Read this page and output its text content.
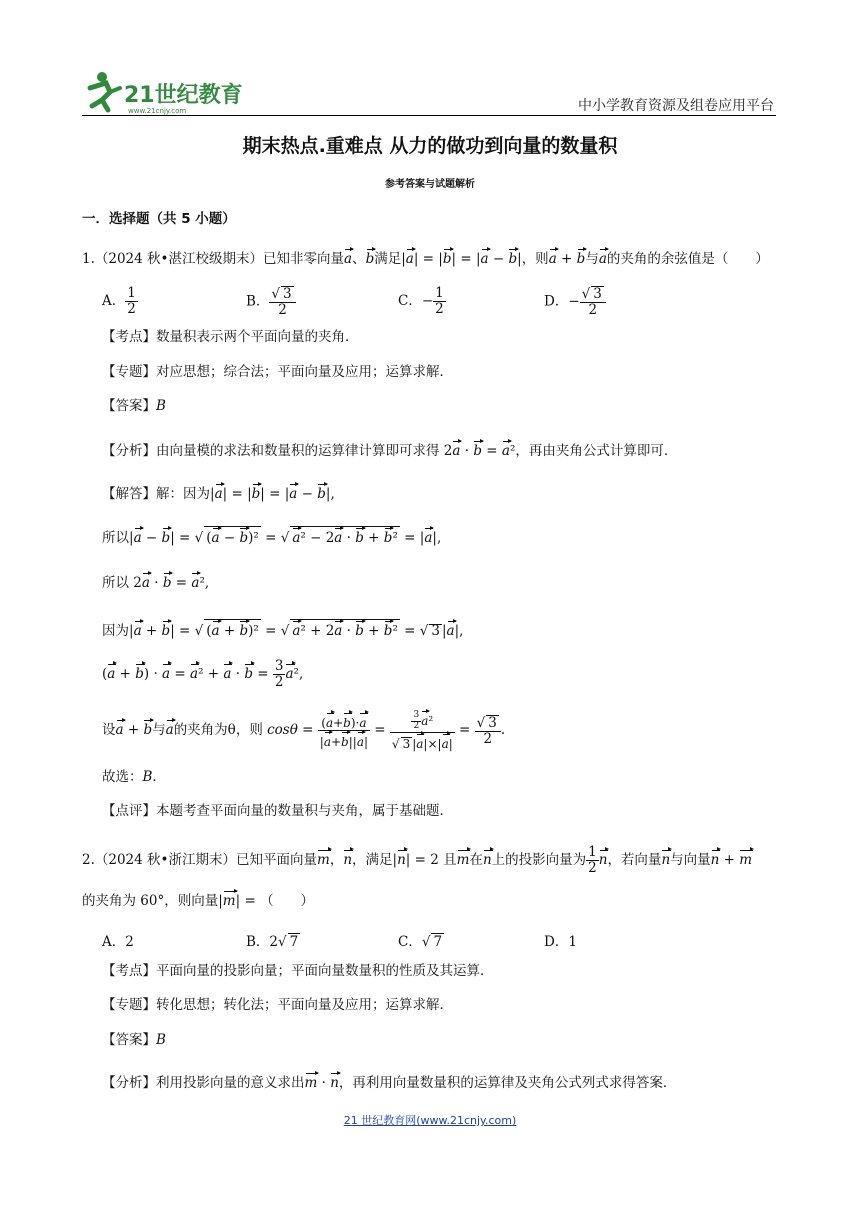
21世纪教育
www.21cnjy.com	中小学教育资源及组卷应用平台
期末热点.重难点 从力的做功到向量的数量积
参考答案与试题解析
一．选择题（共 5 小题）
1.（2024 秋•湛江校级期末）已知非零向量a、b满足|a| = |b| = |a − b|，则a + b与a的夹角的余弦值是（　　）
A． $\frac{1}{2}$	B． $\frac{√ 3}{2}$	C．− $\frac{1}{2}$	D．− $\frac{√ 3}{2}$
【考点】数量积表示两个平面向量的夹角．
【专题】对应思想；综合法；平面向量及应用；运算求解．
【答案】B
【分析】由向量模的求法和数量积的运算律计算即可求得 2a · b = a²，再由夹角公式计算即可．
【解答】解：因为|a| = |b| = |a − b|,
所以|a − b| = √ (a − b)² = √ a² − 2a · b + b² = |a|,
所以 2a · b = a²,
因为|a + b| = √ (a + b)² = √ a² + 2a · b + b² = √ 3 |a|,
$(a + b) \cdot a = a^2 + a \cdot b = \frac{3}{2} a^2$,
设a + b与a的夹角为θ，则 $\cos\theta = \frac{(a+b)\cdot a}{|a+b||a|} = \frac{\frac{3}{2} a^2}{√ 3 |a|\times|a|} = \frac{√ 3}{2}$ .
故选：B．
【点评】本题考查平面向量的数量积与夹角，属于基础题．
2.（2024 秋•浙江期末）已知平面向量m，n，满足|n| = 2 且m在n上的投影向量为 $\frac{1}{2}$ n，若向量n与向量n + m
的夹角为 60°，则向量|m| = （　　）
A．2	B．2√ 7	C．√ 7	D．1
【考点】平面向量的投影向量；平面向量数量积的性质及其运算．
【专题】转化思想；转化法；平面向量及应用；运算求解．
【答案】B
【分析】利用投影向量的意义求出m · n，再利用向量数量积的运算律及夹角公式列式求得答案．
21 世纪教育网(www.21cnjy.com)
